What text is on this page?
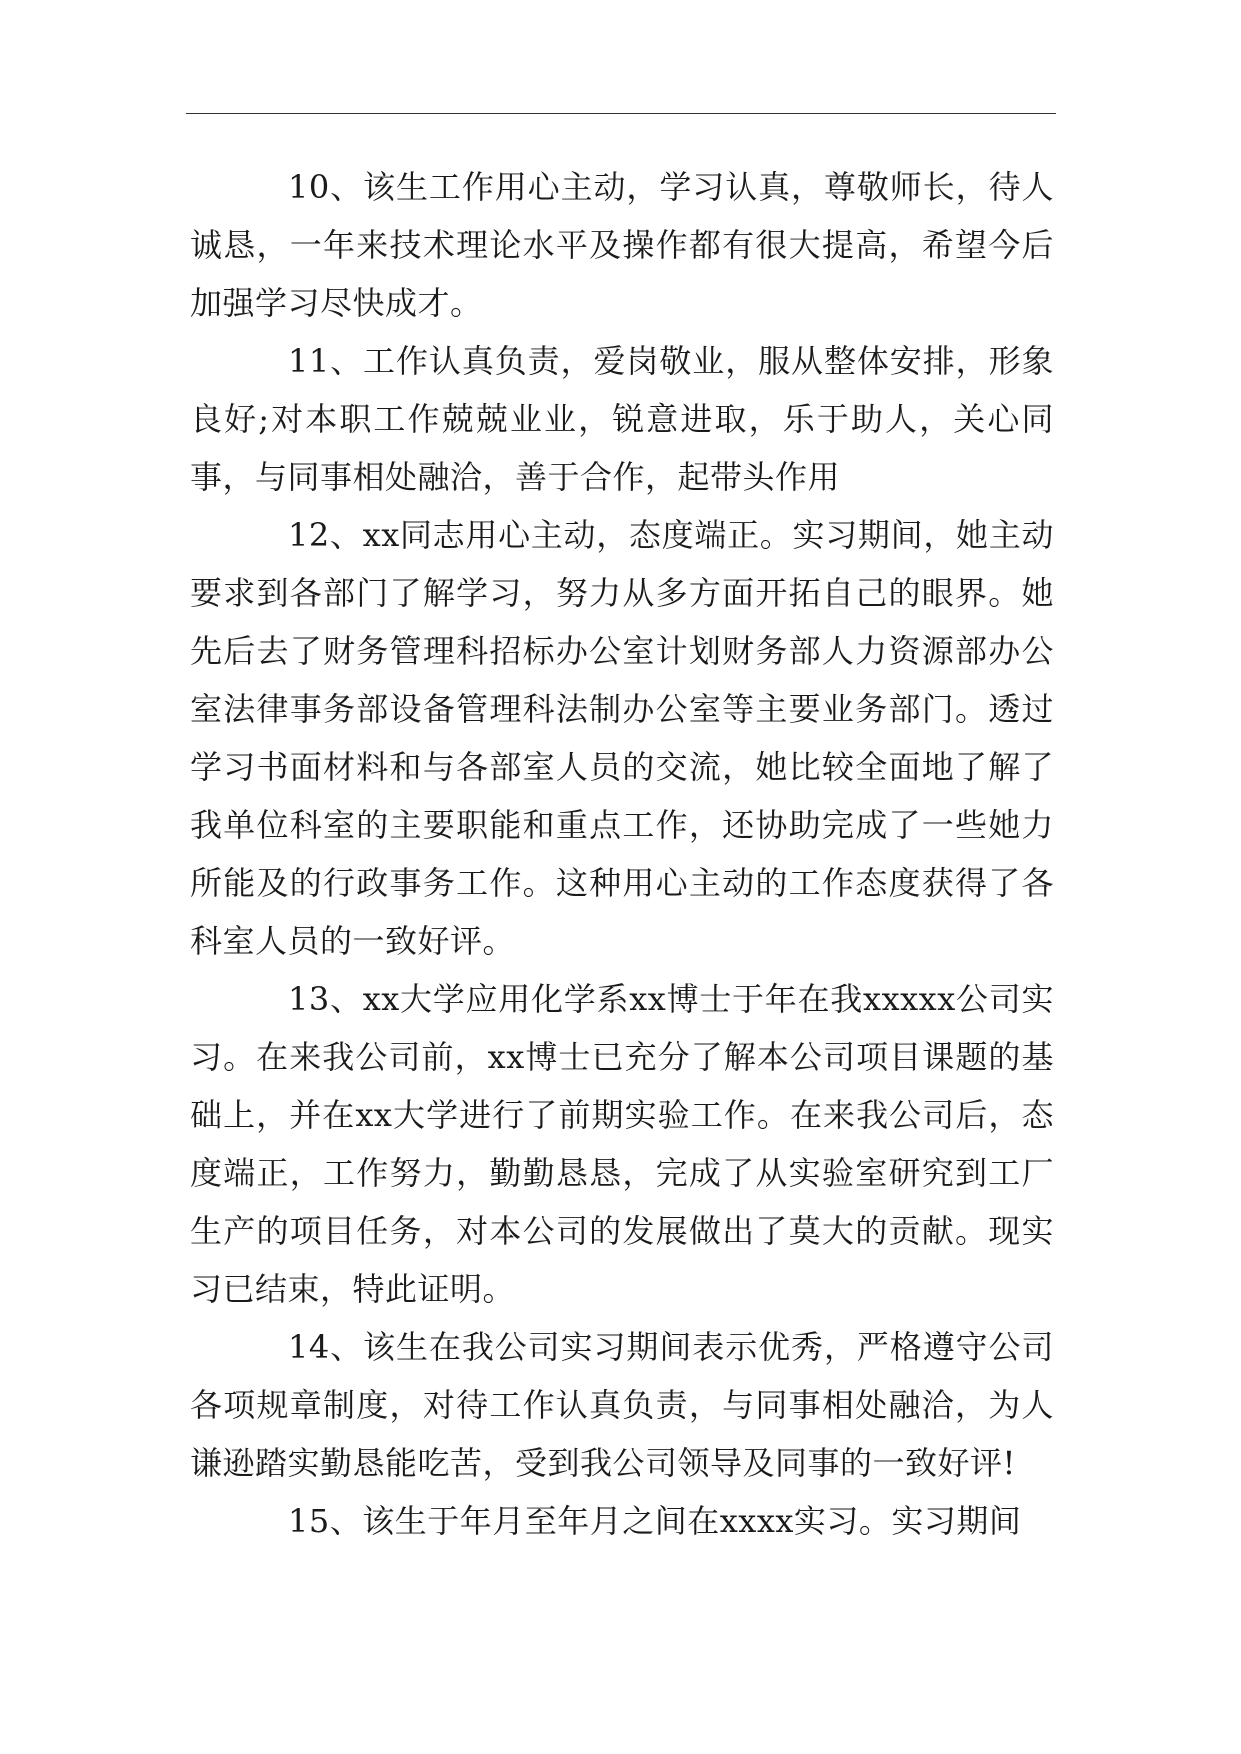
10、该生工作用心主动，学习认真，尊敬师长，待人诚恳，一年来技术理论水平及操作都有很大提高，希望今后加强学习尽快成才。

11、工作认真负责，爱岗敬业，服从整体安排，形象良好;对本职工作兢兢业业，锐意进取，乐于助人，关心同事，与同事相处融洽，善于合作，起带头作用

12、xx同志用心主动，态度端正。实习期间，她主动要求到各部门了解学习，努力从多方面开拓自己的眼界。她先后去了财务管理科招标办公室计划财务部人力资源部办公室法律事务部设备管理科法制办公室等主要业务部门。透过学习书面材料和与各部室人员的交流，她比较全面地了解了我单位科室的主要职能和重点工作，还协助完成了一些她力所能及的行政事务工作。这种用心主动的工作态度获得了各科室人员的一致好评。

13、xx大学应用化学系xx博士于年在我xxxxx公司实习。在来我公司前，xx博士已充分了解本公司项目课题的基础上，并在xx大学进行了前期实验工作。在来我公司后，态度端正，工作努力，勤勤恳恳，完成了从实验室研究到工厂生产的项目任务，对本公司的发展做出了莫大的贡献。现实习已结束，特此证明。

14、该生在我公司实习期间表示优秀，严格遵守公司各项规章制度，对待工作认真负责，与同事相处融洽，为人谦逊踏实勤恳能吃苦，受到我公司领导及同事的一致好评!

15、该生于年月至年月之间在xxxx实习。实习期间
